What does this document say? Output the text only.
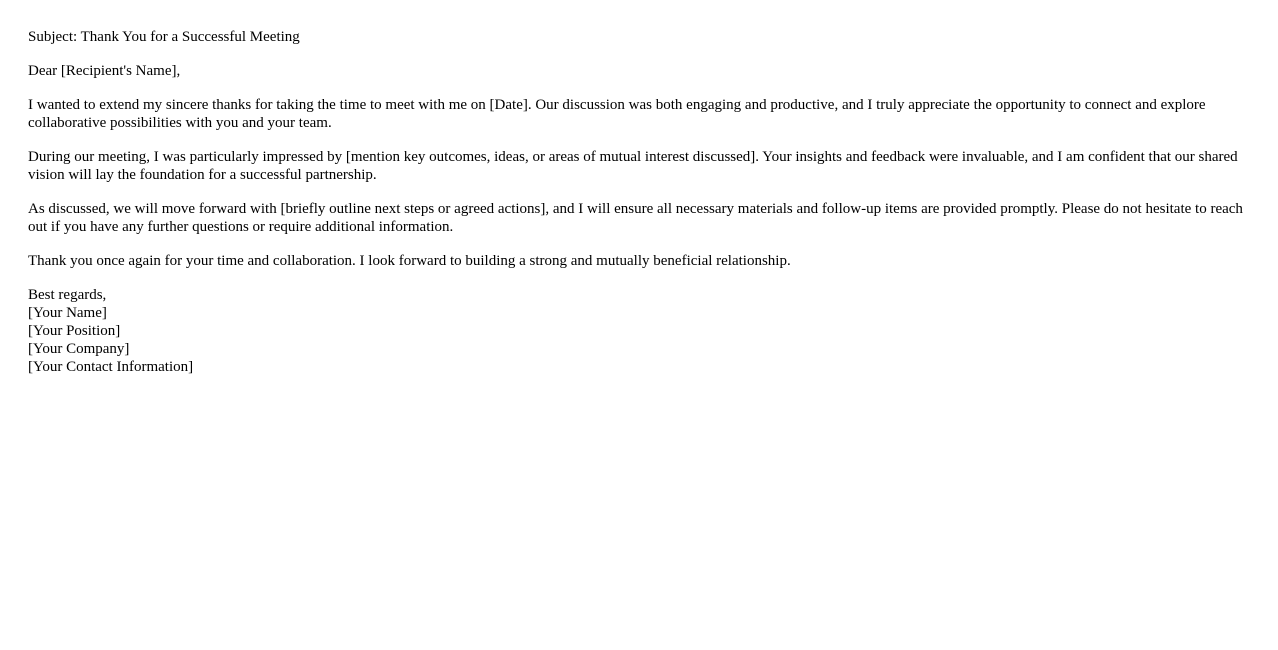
Subject: Thank You for a Successful Meeting

Dear [Recipient's Name],

I wanted to extend my sincere thanks for taking the time to meet with me on [Date]. Our discussion was both engaging and productive, and I truly appreciate the opportunity to connect and explore collaborative possibilities with you and your team.

During our meeting, I was particularly impressed by [mention key outcomes, ideas, or areas of mutual interest discussed]. Your insights and feedback were invaluable, and I am confident that our shared vision will lay the foundation for a successful partnership.

As discussed, we will move forward with [briefly outline next steps or agreed actions], and I will ensure all necessary materials and follow-up items are provided promptly. Please do not hesitate to reach out if you have any further questions or require additional information.

Thank you once again for your time and collaboration. I look forward to building a strong and mutually beneficial relationship.

Best regards,
[Your Name]
[Your Position]
[Your Company]
[Your Contact Information]
